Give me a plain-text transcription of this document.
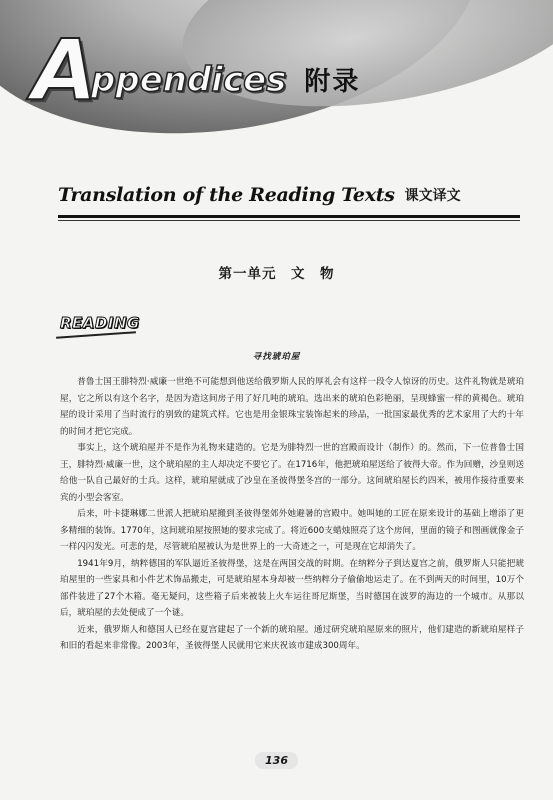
A
ppendices 附录
Translation of the Reading Texts 课文译文
第一单元　文　物
READING
寻找琥珀屋

普鲁士国王腓特烈·威廉一世绝不可能想到他送给俄罗斯人民的厚礼会有这样一段令人惊讶的历史。这件礼物就是琥珀屋，它之所以有这个名字，是因为造这间房子用了好几吨的琥珀。选出来的琥珀色彩艳丽，呈现蜂蜜一样的黄褐色。琥珀屋的设计采用了当时流行的别致的建筑式样。它也是用金银珠宝装饰起来的珍品，一批国家最优秀的艺术家用了大约十年的时间才把它完成。

事实上，这个琥珀屋并不是作为礼物来建造的。它是为腓特烈一世的宫殿而设计（制作）的。然而，下一位普鲁士国王，腓特烈·威廉一世，这个琥珀屋的主人却决定不要它了。在1716年，他把琥珀屋送给了彼得大帝。作为回赠，沙皇则送给他一队自己最好的士兵。这样，琥珀屋就成了沙皇在圣彼得堡冬宫的一部分。这间琥珀屋长约四米，被用作接待重要来宾的小型会客室。

后来，叶卡捷琳娜二世派人把琥珀屋搬到圣彼得堡郊外她避暑的宫殿中。她叫她的工匠在原来设计的基础上增添了更多精细的装饰。1770年，这间琥珀屋按照她的要求完成了。将近600支蜡烛照亮了这个房间，里面的镜子和图画就像金子一样闪闪发光。可悲的是，尽管琥珀屋被认为是世界上的一大奇迹之一，可是现在它却消失了。

1941年9月，纳粹德国的军队逼近圣彼得堡，这是在两国交战的时期。在纳粹分子到达夏宫之前，俄罗斯人只能把琥珀屋里的一些家具和小件艺术饰品搬走，可是琥珀屋本身却被一些纳粹分子偷偷地运走了。在不到两天的时间里，10万个部件装进了27个木箱。毫无疑问，这些箱子后来被装上火车运往哥尼斯堡，当时德国在波罗的海边的一个城市。从那以后，琥珀屋的去处便成了一个谜。

近来，俄罗斯人和德国人已经在夏宫建起了一个新的琥珀屋。通过研究琥珀屋原来的照片，他们建造的新琥珀屋样子和旧的看起来非常像。2003年，圣彼得堡人民就用它来庆祝该市建成300周年。

136
